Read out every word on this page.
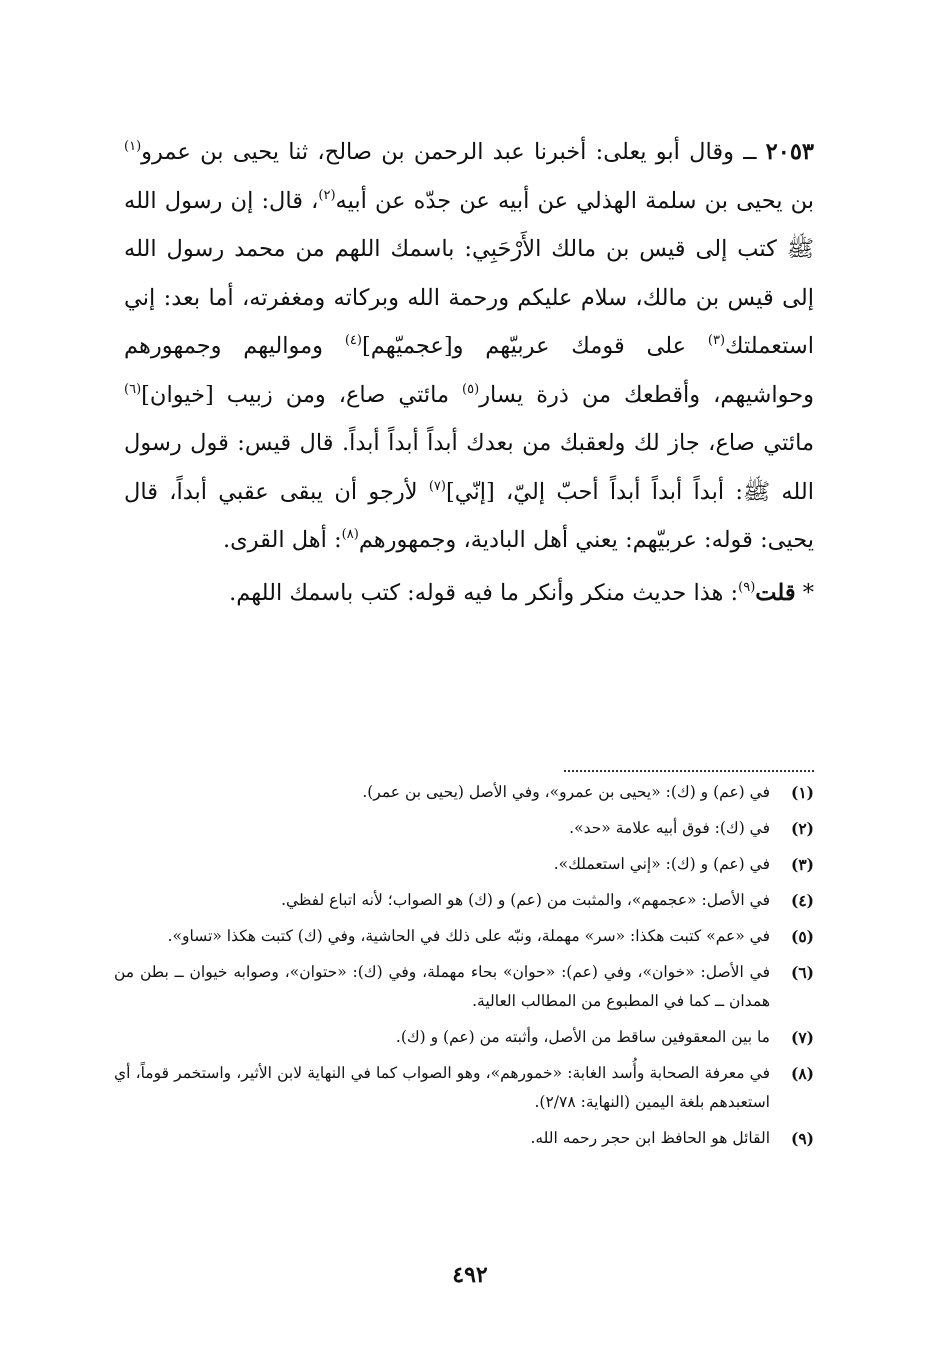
٢٠٥٣ ــ وقال أبو يعلى: أخبرنا عبد الرحمن بن صالح، ثنا يحيى بن عمرو$^{(١)}$ بن يحيى بن سلمة الهذلي عن أبيه عن جدّه عن أبيه$^{(٢)}$، قال: إن رسول الله ﷺ كتب إلى قيس بن مالك الأَرْحَبِي: باسمك اللهم من محمد رسول الله إلى قيس بن مالك، سلام عليكم ورحمة الله وبركاته ومغفرته، أما بعد: إني استعملتك$^{(٣)}$ على قومك عربيّهم و[عجميّهم]$^{(٤)}$ ومواليهم وجمهورهم وحواشيهم، وأقطعك من ذرة يسار$^{(٥)}$ مائتي صاع، ومن زبيب [خيوان]$^{(٦)}$ مائتي صاع، جاز لك ولعقبك من بعدك أبداً أبداً أبداً. قال قيس: قول رسول الله ﷺ: أبداً أبداً أبداً أحبّ إليّ، [إنّي]$^{(٧)}$ لأرجو أن يبقى عقبي أبداً، قال يحيى: قوله: عربيّهم: يعني أهل البادية، وجمهورهم$^{(٨)}$: أهل القرى.

* قلت$^{(٩)}$: هذا حديث منكر وأنكر ما فيه قوله: كتب باسمك اللهم.

(١)
في (عم) و (ك): «يحيى بن عمرو»، وفي الأصل (يحيى بن عمر).
(٢)
في (ك): فوق أبيه علامة «حد».
(٣)
في (عم) و (ك): «إني استعملك».
(٤)
في الأصل: «عجمهم»، والمثبت من (عم) و (ك) هو الصواب؛ لأنه اتباع لفظي.
(٥)
في «عم» كتبت هكذا: «سر» مهملة، ونبّه على ذلك في الحاشية، وفي (ك) كتبت هكذا «تساو».
(٦)
في الأصل: «خوان»، وفي (عم): «حوان» بحاء مهملة، وفي (ك): «حتوان»، وصوابه خيوان ــ بطن من همدان ــ كما في المطبوع من المطالب العالية.
(٧)
ما بين المعقوفين ساقط من الأصل، وأثبته من (عم) و (ك).
(٨)
في معرفة الصحابة وأُسد الغابة: «خمورهم»، وهو الصواب كما في النهاية لابن الأثير، واستخمر قوماً، أي استعبدهم بلغة اليمين (النهاية: ٢/٧٨).
(٩)
القائل هو الحافظ ابن حجر رحمه الله.
٤٩٢
